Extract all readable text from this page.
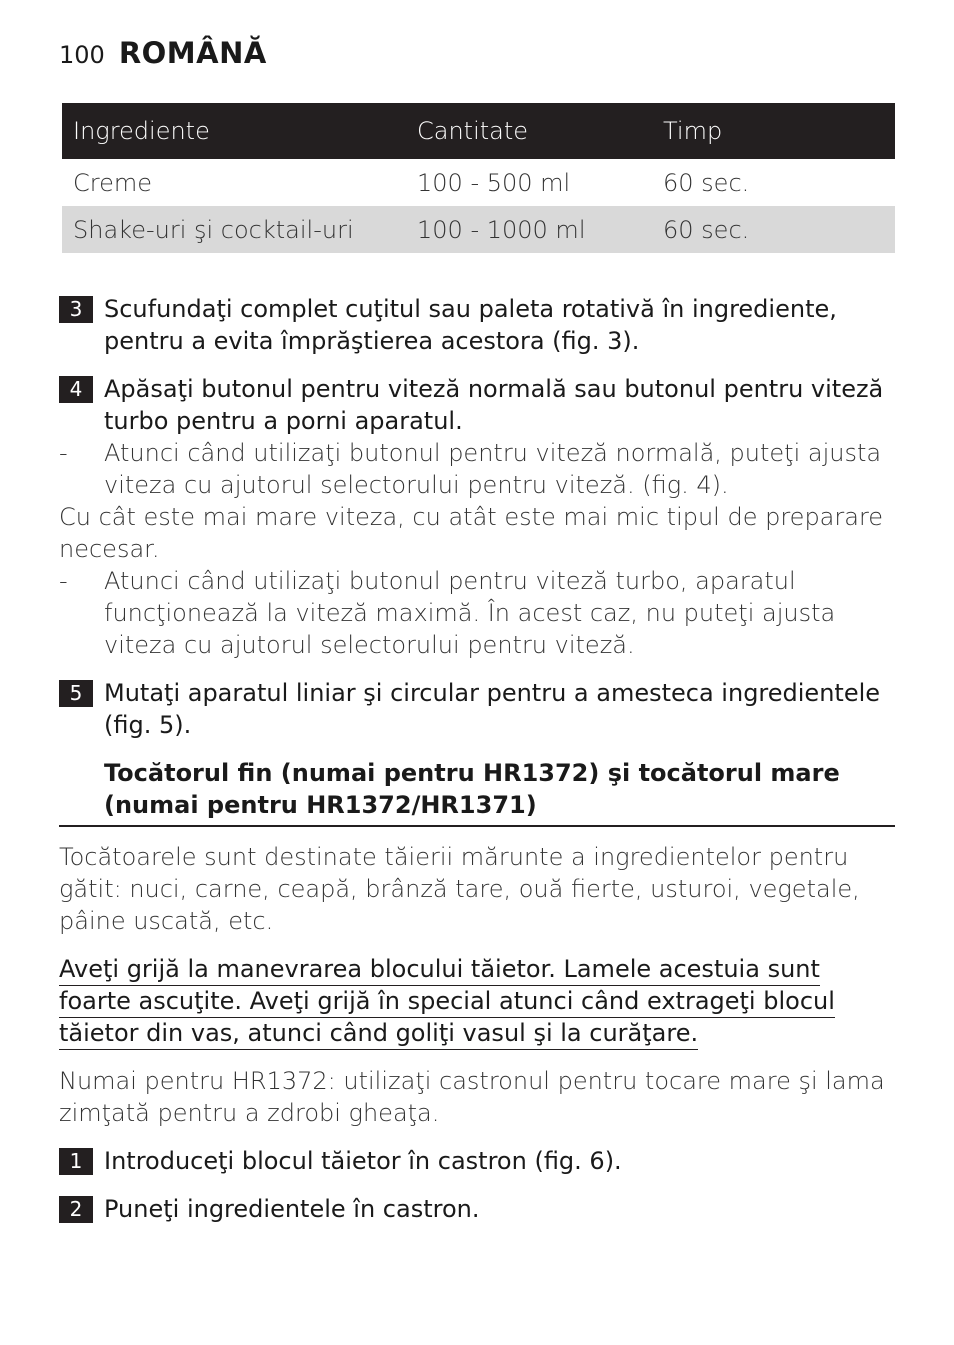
100 ROMÂNĂ
Ingrediente	Cantitate	Timp
Creme	100 - 500 ml	60 sec.
Shake-uri şi cocktail-uri	100 - 1000 ml	60 sec.
3 Scufundaţi complet cuţitul sau paleta rotativă în ingrediente, pentru a evita împrăştierea acestora (fig. 3).
4 Apăsaţi butonul pentru viteză normală sau butonul pentru viteză turbo pentru a porni aparatul.
-	Atunci când utilizaţi butonul pentru viteză normală, puteţi ajusta viteza cu ajutorul selectorului pentru viteză. (fig. 4).
Cu cât este mai mare viteza, cu atât este mai mic tipul de preparare necesar.
-	Atunci când utilizaţi butonul pentru viteză turbo, aparatul funcţionează la viteză maximă. În acest caz, nu puteţi ajusta viteza cu ajutorul selectorului pentru viteză.
5 Mutaţi aparatul liniar şi circular pentru a amesteca ingredientele (fig. 5).
Tocătorul fin (numai pentru HR1372) şi tocătorul mare (numai pentru HR1372/HR1371)
Tocătoarele sunt destinate tăierii mărunte a ingredientelor pentru gătit: nuci, carne, ceapă, brânză tare, ouă fierte, usturoi, vegetale, pâine uscată, etc.
Aveţi grijă la manevrarea blocului tăietor. Lamele acestuia sunt foarte ascuţite. Aveţi grijă în special atunci când extrageţi blocul tăietor din vas, atunci când goliţi vasul şi la curăţare.
Numai pentru HR1372: utilizaţi castronul pentru tocare mare şi lama zimţată pentru a zdrobi gheaţa.
1 Introduceţi blocul tăietor în castron (fig. 6).
2 Puneţi ingredientele în castron.
